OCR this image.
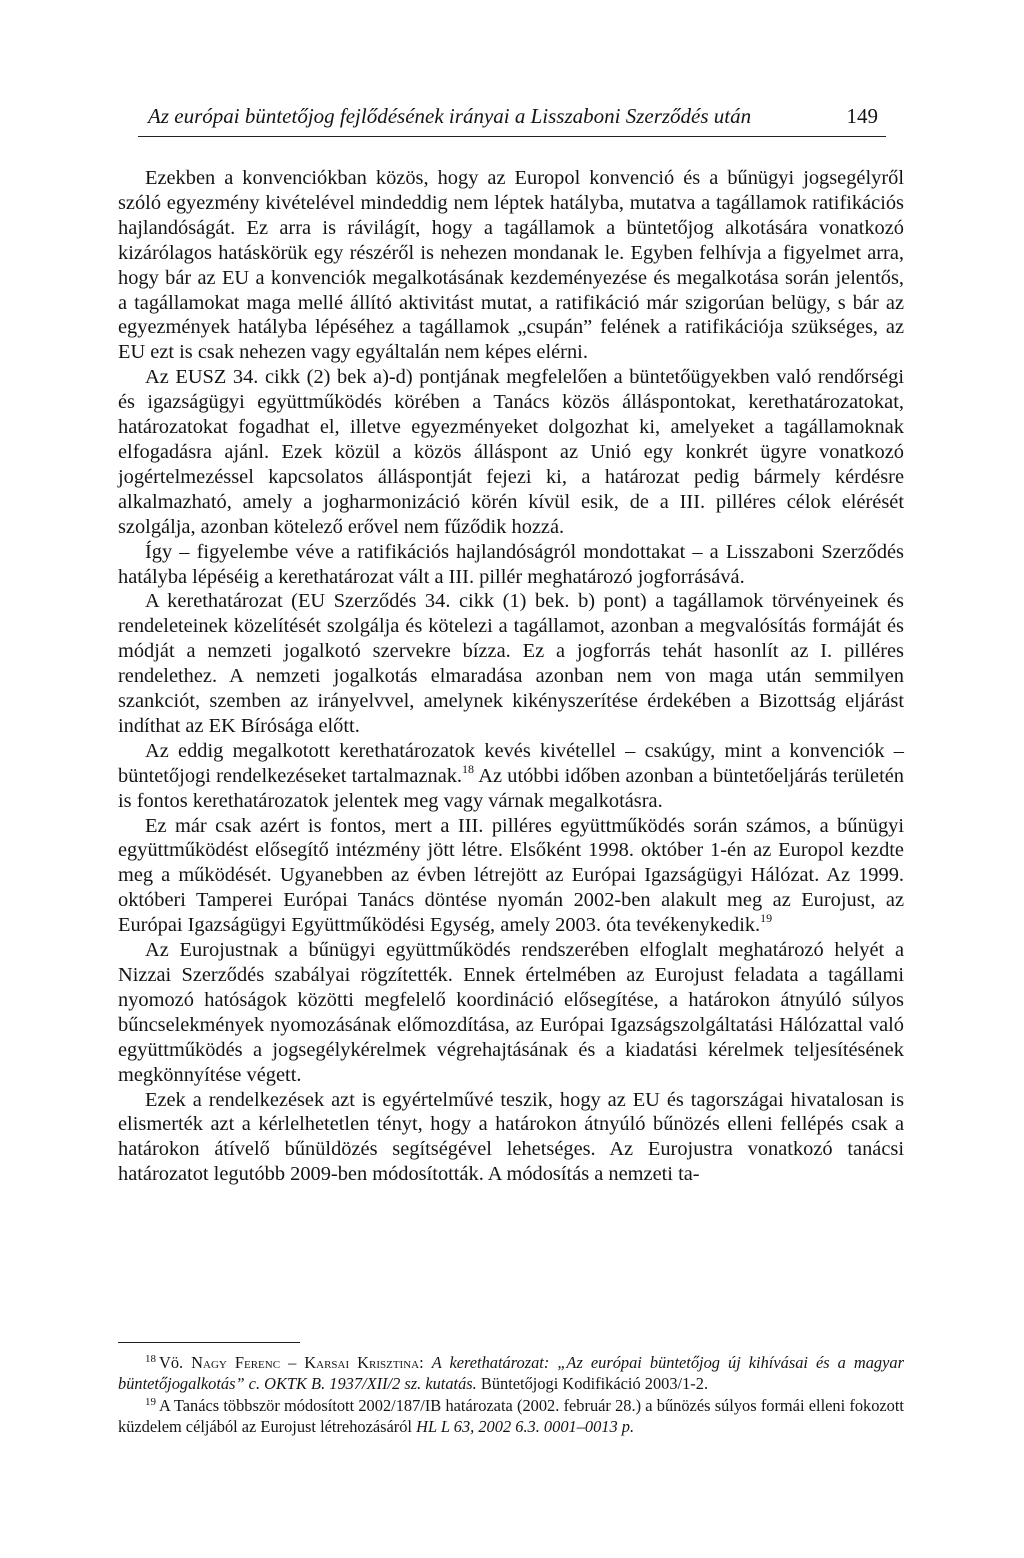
Az európai büntetőjog fejlődésének irányai a Lisszaboni Szerződés után	149

Ezekben a konvenciókban közös, hogy az Europol konvenció és a bűnügyi jogsegélyről szóló egyezmény kivételével mindeddig nem léptek hatályba, mutatva a tagállamok ratifikációs hajlandóságát. Ez arra is rávilágít, hogy a tagállamok a büntetőjog alkotására vonatkozó kizárólagos hatáskörük egy részéről is nehezen mondanak le. Egyben felhívja a figyelmet arra, hogy bár az EU a konvenciók megalkotásának kezdeményezése és megalkotása során jelentős, a tagállamokat maga mellé állító aktivitást mutat, a ratifikáció már szigorúan belügy, s bár az egyezmények hatályba lépéséhez a tagállamok „csupán” felének a ratifikációja szükséges, az EU ezt is csak nehezen vagy egyáltalán nem képes elérni.

Az EUSZ 34. cikk (2) bek a)-d) pontjának megfelelően a büntetőügyekben való rendőrségi és igazságügyi együttműködés körében a Tanács közös álláspontokat, kerethatározatokat, határozatokat fogadhat el, illetve egyezményeket dolgozhat ki, amelyeket a tagállamoknak elfogadásra ajánl. Ezek közül a közös álláspont az Unió egy konkrét ügyre vonatkozó jogértelmezéssel kapcsolatos álláspontját fejezi ki, a határozat pedig bármely kérdésre alkalmazható, amely a jogharmonizáció körén kívül esik, de a III. pilléres célok elérését szolgálja, azonban kötelező erővel nem fűződik hozzá.

Így – figyelembe véve a ratifikációs hajlandóságról mondottakat – a Lisszaboni Szerződés hatályba lépéséig a kerethatározat vált a III. pillér meghatározó jogforrásává.

A kerethatározat (EU Szerződés 34. cikk (1) bek. b) pont) a tagállamok törvényeinek és rendeleteinek közelítését szolgálja és kötelezi a tagállamot, azonban a megvalósítás formáját és módját a nemzeti jogalkotó szervekre bízza. Ez a jogforrás tehát hasonlít az I. pilléres rendelethez. A nemzeti jogalkotás elmaradása azonban nem von maga után semmilyen szankciót, szemben az irányelvvel, amelynek kikényszerítése érdekében a Bizottság eljárást indíthat az EK Bírósága előtt.

Az eddig megalkotott kerethatározatok kevés kivétellel – csakúgy, mint a konvenciók – büntetőjogi rendelkezéseket tartalmaznak.$^{18}$ Az utóbbi időben azonban a büntetőeljárás területén is fontos kerethatározatok jelentek meg vagy várnak megalkotásra.

Ez már csak azért is fontos, mert a III. pilléres együttműködés során számos, a bűnügyi együttműködést elősegítő intézmény jött létre. Elsőként 1998. október 1-én az Europol kezdte meg a működését. Ugyanebben az évben létrejött az Európai Igazságügyi Hálózat. Az 1999. októberi Tamperei Európai Tanács döntése nyomán 2002-ben alakult meg az Eurojust, az Európai Igazságügyi Együttműködési Egység, amely 2003. óta tevékenykedik.$^{19}$

Az Eurojustnak a bűnügyi együttműködés rendszerében elfoglalt meghatározó helyét a Nizzai Szerződés szabályai rögzítették. Ennek értelmében az Eurojust feladata a tagállami nyomozó hatóságok közötti megfelelő koordináció elősegítése, a határokon átnyúló súlyos bűncselekmények nyomozásának előmozdítása, az Európai Igazságszolgáltatási Hálózattal való együttműködés a jogsegélykérelmek végrehajtásának és a kiadatási kérelmek teljesítésének megkönnyítése végett.

Ezek a rendelkezések azt is egyértelművé teszik, hogy az EU és tagországai hivatalosan is elismerték azt a kérlelhetetlen tényt, hogy a határokon átnyúló bűnözés elleni fellépés csak a határokon átívelő bűnüldözés segítségével lehetséges. Az Eurojustra vonatkozó tanácsi határozatot legutóbb 2009-ben módosították. A módosítás a nemzeti ta-

$^{18}$ Vö. Nagy Ferenc – Karsai Krisztina: A kerethatározat: „Az európai büntetőjog új kihívásai és a magyar büntetőjogalkotás” c. OKTK B. 1937/XII/2 sz. kutatás. Büntetőjogi Kodifikáció 2003/1-2.

$^{19}$ A Tanács többször módosított 2002/187/IB határozata (2002. február 28.) a bűnözés súlyos formái elleni fokozott küzdelem céljából az Eurojust létrehozásáról HL L 63, 2002 6.3. 0001–0013 p.
